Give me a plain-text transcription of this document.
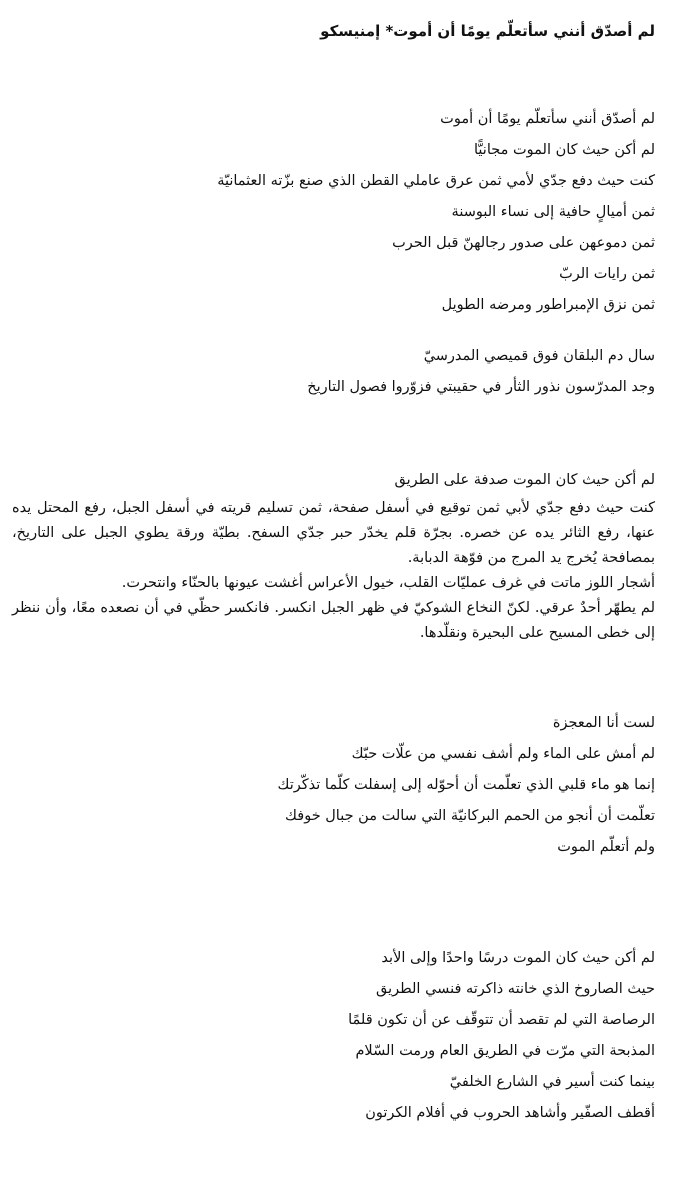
لم أصدّق أنني سأتعلّم يومًا أن أموت* إمنيسكو
لم أصدّق أنني سأتعلّم يومًا أن أموت
لم أكن حيث كان الموت مجانيًّا
كنت حيث دفع جدّي لأمي ثمن عرق عاملي القطن الذي صنع بزّته العثمانيّة
ثمن أميالٍ حافية إلى نساء البوسنة
ثمن دموعهن على صدور رجالهنّ قبل الحرب
ثمن رايات الربّ
ثمن نزق الإمبراطور ومرضه الطويل
سال دم البلقان فوق قميصي المدرسيّ
وجد المدرّسون نذور الثأر في حقيبتي فزوّروا فصول التاريخ
لم أكن حيث كان الموت صدفة على الطريق
كنت حيث دفع جدّي لأبي ثمن توقيع في أسفل صفحة، ثمن تسليم قريته في أسفل الجبل، رفع المحتل يده عنها، رفع الثائر يده عن خصره. بجرّة قلم يخدّر حبر جدّي السفح. بطيّة ورقة يطوي الجبل على التاريخ، بمصافحة يُخرج يد المرج من فوّهة الدبابة.
أشجار اللوز ماتت في غرف عمليّات القلب، خيول الأعراس أغشت عيونها بالحنّاء وانتحرت.
لم يطهّر أحدٌ عرقي. لكنّ النخاع الشوكيّ في ظهر الجبل انكسر. فانكسر حظّي في أن نصعده معًا، وأن ننظر إلى خطى المسيح على البحيرة ونقلّدها.
لست أنا المعجزة
لم أمش على الماء ولم أشف نفسي من علّات حبّك
إنما هو ماء قلبي الذي تعلّمت أن أحوّله إلى إسفلت كلّما تذكّرتك
تعلّمت أن أنجو من الحمم البركانيّة التي سالت من جبال خوفك
ولم أتعلّم الموت
لم أكن حيث كان الموت درسًا واحدًا وإلى الأبد
حيث الصاروخ الذي خانته ذاكرته فنسي الطريق
الرصاصة التي لم تقصد أن تتوقّف عن أن تكون قلمًا
المذبحة التي مرّت في الطريق العام ورمت السّلام
بينما كنت أسير في الشارع الخلفيّ
أقطف الصفّير وأشاهد الحروب في أفلام الكرتون
